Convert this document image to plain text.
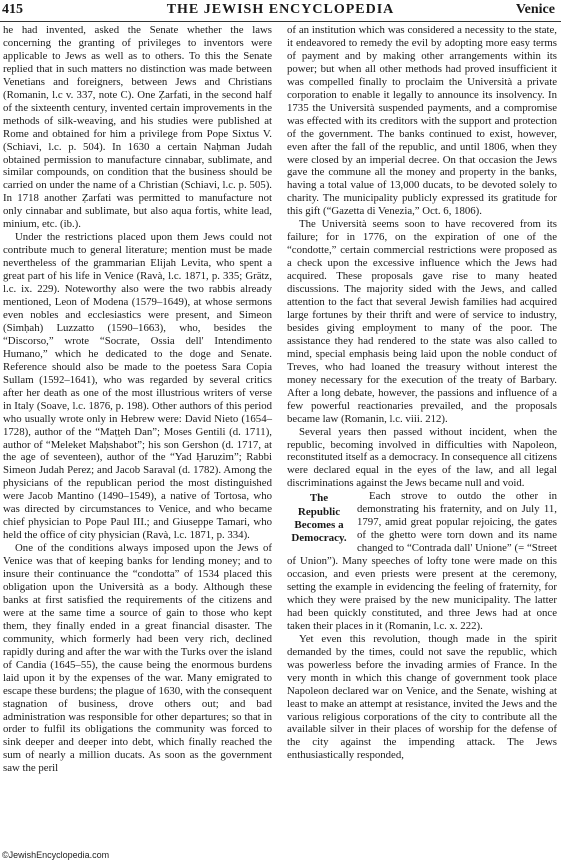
415	THE JEWISH ENCYCLOPEDIA	Venice

he had invented, asked the Senate whether the laws concerning the granting of privileges to inventors were applicable to Jews as well as to others. To this the Senate replied that in such matters no distinction was made between Venetians and foreigners, between Jews and Christians (Romanin, l.c v. 337, note C). One Ẓarfati, in the second half of the sixteenth century, invented certain improvements in the methods of silk-weaving, and his studies were published at Rome and obtained for him a privilege from Pope Sixtus V. (Schiavi, l.c. p. 504). In 1630 a certain Naḥman Judah obtained permission to manufacture cinnabar, sublimate, and similar compounds, on condition that the business should be carried on under the name of a Christian (Schiavi, l.c. p. 505). In 1718 another Ẓarfati was permitted to manufacture not only cinnabar and sublimate, but also aqua fortis, white lead, minium, etc. (ib.).

Under the restrictions placed upon them Jews could not contribute much to general literature; mention must be made nevertheless of the grammarian Elijah Levita, who spent a great part of his life in Venice (Ravà, l.c. 1871, p. 335; Grätz, l.c. ix. 229). Noteworthy also were the two rabbis already mentioned, Leon of Modena (1579–1649), at whose sermons even nobles and ecclesiastics were present, and Simeon (Simḥah) Luzzatto (1590–1663), who, besides the “Discorso,” wrote “Socrate, Ossia dell' Intendimento Humano,” which he dedicated to the doge and Senate. Reference should also be made to the poetess Sara Copia Sullam (1592–1641), who was regarded by several critics after her death as one of the most illustrious writers of verse in Italy (Soave, l.c. 1876, p. 198). Other authors of this period who usually wrote only in Hebrew were: David Nieto (1654–1728), author of the “Maṭṭeh Dan”; Moses Gentili (d. 1711), author of “Meleket Maḥshabot”; his son Gershon (d. 1717, at the age of seventeen), author of the “Yad Ḥaruzim”; Rabbi Simeon Judah Perez; and Jacob Saraval (d. 1782). Among the physicians of the republican period the most distinguished were Jacob Mantino (1490–1549), a native of Tortosa, who was directed by circumstances to Venice, and who became chief physician to Pope Paul III.; and Giuseppe Tamari, who held the office of city physician (Ravà, l.c. 1871, p. 334).

One of the conditions always imposed upon the Jews of Venice was that of keeping banks for lending money; and to insure their continuance the “condotta” of 1534 placed this obligation upon the Università as a body. Although these banks at first satisfied the requirements of the citizens and were at the same time a source of gain to those who kept them, they finally ended in a great financial disaster. The community, which formerly had been very rich, declined rapidly during and after the war with the Turks over the island of Candia (1645–55), the cause being the enormous burdens laid upon it by the expenses of the war. Many emigrated to escape these burdens; the plague of 1630, with the consequent stagnation of business, drove others out; and bad administration was responsible for other departures; so that in order to fulfil its obligations the community was forced to sink deeper and deeper into debt, which finally reached the sum of nearly a million ducats. As soon as the government saw the peril

of an institution which was considered a necessity to the state, it endeavored to remedy the evil by adopting more easy terms of payment and by making other arrangements within its power; but when all other methods had proved insufficient it was compelled finally to proclaim the Università a private corporation to enable it legally to announce its insolvency. In 1735 the Università suspended payments, and a compromise was effected with its creditors with the support and protection of the government. The banks continued to exist, however, even after the fall of the republic, and until 1806, when they were closed by an imperial decree. On that occasion the Jews gave the commune all the money and property in the banks, having a total value of 13,000 ducats, to be devoted solely to charity. The municipality publicly expressed its gratitude for this gift (“Gazetta di Venezia,” Oct. 6, 1806).

The Università seems soon to have recovered from its failure; for in 1776, on the expiration of one of the “condotte,” certain commercial restrictions were proposed as a check upon the excessive influence which the Jews had acquired. These proposals gave rise to many heated discussions. The majority sided with the Jews, and called attention to the fact that several Jewish families had acquired large fortunes by their thrift and were of service to industry, besides giving employment to many of the poor. The assistance they had rendered to the state was also called to mind, special emphasis being laid upon the noble conduct of Treves, who had loaned the treasury without interest the money necessary for the execution of the treaty of Barbary. After a long debate, however, the passions and influence of a few powerful reactionaries prevailed, and the proposals became law (Romanin, l.c. viii. 212).

Several years then passed without incident, when the republic, becoming involved in difficulties with Napoleon, reconstituted itself as a democracy. In consequence all citizens were declared equal in the eyes of the law, and all legal discriminations against the Jews became null and void.

The
Republic
Becomes a
Democracy.

Each strove to outdo the other in demonstrating his fraternity, and on July 11, 1797, amid great popular rejoicing, the gates of the ghetto were torn down and its name changed to “Contrada dall' Unione” (= “Street of Union”). Many speeches of lofty tone were made on this occasion, and even priests were present at the ceremony, setting the example in evidencing the feeling of fraternity, for which they were praised by the new municipality. The latter had been quickly constituted, and three Jews had at once taken their places in it (Romanin, l.c. x. 222).

Yet even this revolution, though made in the spirit demanded by the times, could not save the republic, which was powerless before the invading armies of France. In the very month in which this change of government took place Napoleon declared war on Venice, and the Senate, wishing at least to make an attempt at resistance, invited the Jews and the various religious corporations of the city to contribute all the available silver in their places of worship for the defense of the city against the impending attack. The Jews enthusiastically responded,

©JewishEncyclopedia.com
